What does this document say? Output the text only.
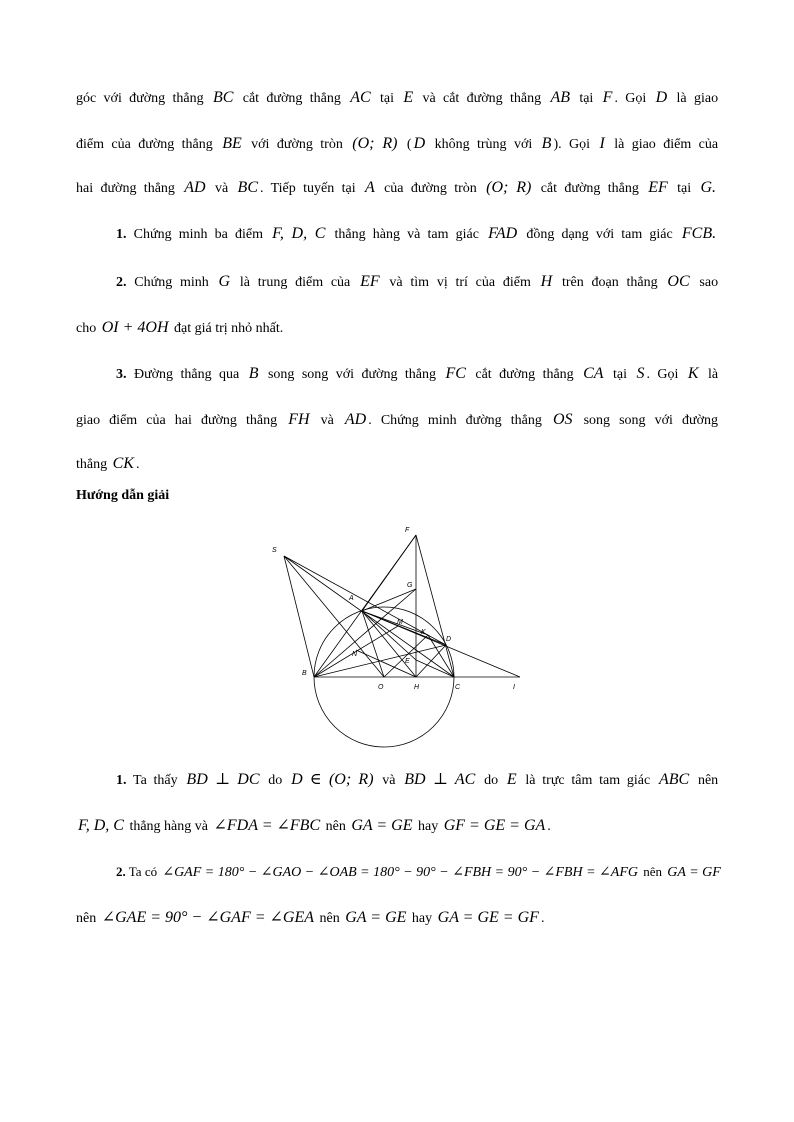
góc với đường thẳng BC cắt đường thẳng AC tại E và cắt đường thẳng AB tại F . Gọi D là giao
điểm của đường thẳng BE với đường tròn (O; R) ( D không trùng với B ). Gọi I là giao điểm của
hai đường thẳng AD và BC . Tiếp tuyến tại A của đường tròn (O; R) cắt đường thẳng EF tại G.
1. Chứng minh ba điểm F, D, C thẳng hàng và tam giác FAD đồng dạng với tam giác FCB.
2. Chứng minh G là trung điểm của EF và tìm vị trí của điểm H trên đoạn thẳng OC sao
cho OI + 4OH đạt giá trị nhỏ nhất.
3. Đường thẳng qua B song song với đường thẳng FC cắt đường thẳng CA tại S . Gọi K là
giao điểm của hai đường thẳng FH và AD . Chứng minh đường thẳng OS song song với đường
thẳng CK .
Hướng dẫn giải
S
F
G
A
M
K
D
N
E
B
O	H	C	I
1. Ta thấy BD ⊥ DC do D ∈ (O; R) và BD ⊥ AC do E là trực tâm tam giác ABC nên
F, D, C thẳng hàng và ∠FDA = ∠FBC nên GA = GE hay GF = GE = GA .
2. Ta có ∠GAF = 180° − ∠GAO − ∠OAB = 180° − 90° − ∠FBH = 90° − ∠FBH = ∠AFG nên GA = GF
nên ∠GAE = 90° − ∠GAF = ∠GEA nên GA = GE hay GA = GE = GF .
